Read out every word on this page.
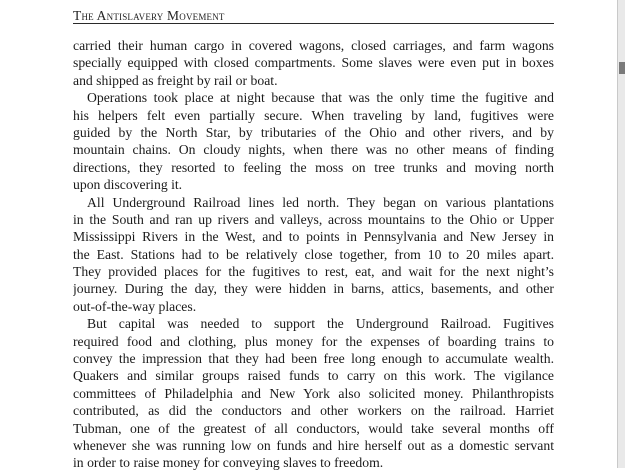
The Antislavery Movement
carried their human cargo in covered wagons, closed carriages, and farm wagons
specially equipped with closed compartments. Some slaves were even put in boxes
and shipped as freight by rail or boat.
Operations took place at night because that was the only time the fugitive and
his helpers felt even partially secure. When traveling by land, fugitives were
guided by the North Star, by tributaries of the Ohio and other rivers, and by
mountain chains. On cloudy nights, when there was no other means of finding
directions, they resorted to feeling the moss on tree trunks and moving north
upon discovering it.
All Underground Railroad lines led north. They began on various plantations
in the South and ran up rivers and valleys, across mountains to the Ohio or Upper
Mississippi Rivers in the West, and to points in Pennsylvania and New Jersey in
the East. Stations had to be relatively close together, from 10 to 20 miles apart.
They provided places for the fugitives to rest, eat, and wait for the next night’s
journey. During the day, they were hidden in barns, attics, basements, and other
out-of-the-way places.
But capital was needed to support the Underground Railroad. Fugitives
required food and clothing, plus money for the expenses of boarding trains to
convey the impression that they had been free long enough to accumulate wealth.
Quakers and similar groups raised funds to carry on this work. The vigilance
committees of Philadelphia and New York also solicited money. Philanthropists
contributed, as did the conductors and other workers on the railroad. Harriet
Tubman, one of the greatest of all conductors, would take several months off
whenever she was running low on funds and hire herself out as a domestic servant
in order to raise money for conveying slaves to freedom.
